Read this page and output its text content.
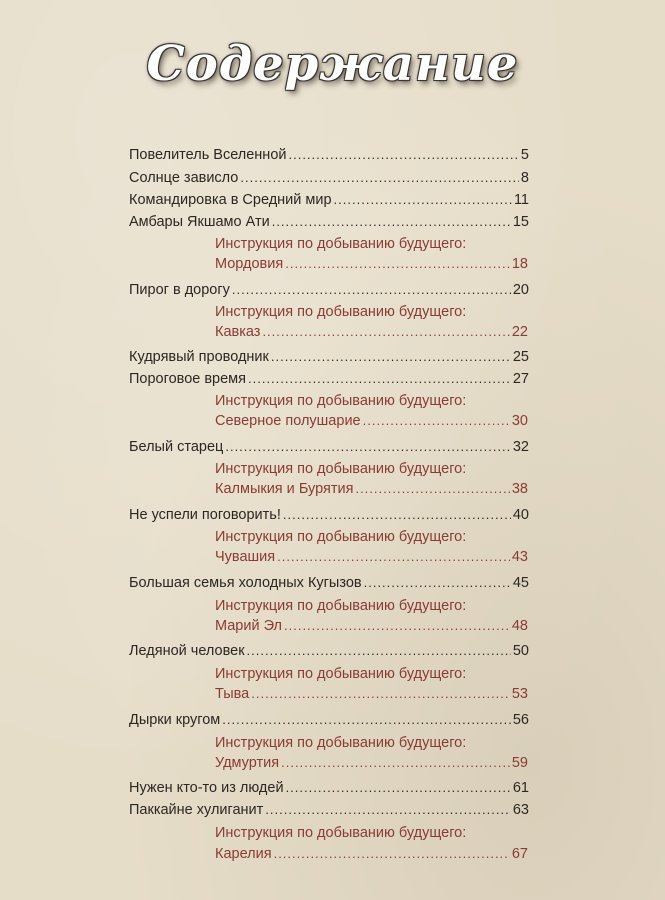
Содержание
Повелитель Вселенной .....	5
Солнце зависло .....	8
Командировка в Средний мир .....	11
Амбары Якшамо Ати .....	15
Инструкция по добыванию будущего:
Мордовия .....	18
Пирог в дорогу .....	20
Инструкция по добыванию будущего:
Кавказ .....	22
Кудрявый проводник .....	25
Пороговое время .....	27
Инструкция по добыванию будущего:
Северное полушарие .....	30
Белый старец .....	32
Инструкция по добыванию будущего:
Калмыкия и Бурятия .....	38
Не успели поговорить! .....	40
Инструкция по добыванию будущего:
Чувашия .....	43
Большая семья холодных Кугызов .....	45
Инструкция по добыванию будущего:
Марий Эл .....	48
Ледяной человек .....	50
Инструкция по добыванию будущего:
Тыва .....	53
Дырки кругом .....	56
Инструкция по добыванию будущего:
Удмуртия .....	59
Нужен кто-то из людей .....	61
Паккайне хулиганит .....	63
Инструкция по добыванию будущего:
Карелия .....	67
